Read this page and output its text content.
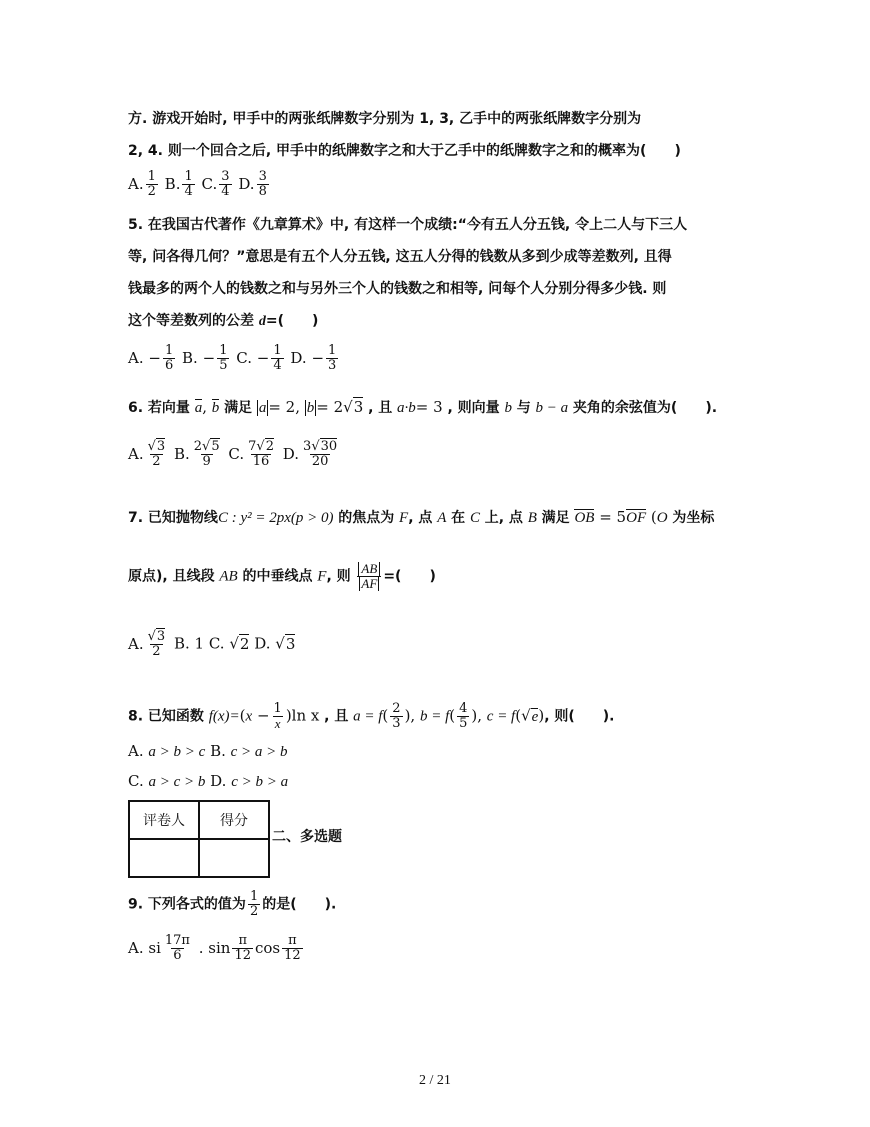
方. 游戏开始时, 甲手中的两张纸牌数字分别为 1, 3, 乙手中的两张纸牌数字分别为
2, 4. 则一个回合之后, 甲手中的纸牌数字之和大于乙手中的纸牌数字之和的概率为(　　)
A. $\frac{1}{2} B$. $\frac{1}{4} C$. $\frac{3}{4} D$. $\frac{3}{8}$
5. 在我国古代著作《九章算术》中, 有这样一个成绩:“今有五人分五钱, 令上二人与下三人
等, 问各得几何？”意思是有五个人分五钱, 这五人分得的钱数从多到少成等差数列, 且得
钱最多的两个人的钱数之和与另外三个人的钱数之和相等, 问每个人分别分得多少钱. 则
这个等差数列的公差 d=(　　)
A. − $\frac{1}{6} B$. − $\frac{1}{5} C$. − $\frac{1}{4} D$. − $\frac{1}{3}$
6. 若向量 a, b 满足 a = 2, b = 2√3 , 且 a·b= 3 , 则向量 b 与 b − a 夹角的余弦值为(　　).
A. $\frac{√3}{2} B$. $\frac{2√5}{9} C$. $\frac{7√2}{16} D$. $\frac{3√30}{20}$
7. 已知抛物线C : y² = 2px(p > 0) 的焦点为 F, 点 A 在 C 上, 点 B 满足 OB = 5OF (O 为坐标
原点), 且线段 AB 的中垂线点 F, 则 $\frac{AB}{AF}$ =(　　)
A. $\frac{√3}{2} B$. 1 C. √2 D. √3
8. 已知函数 $f(x)=(x - \frac{1}{x} )\ln$ x , 且 $a = f( \frac{2}{3}$ ), $b = f( \frac{4}{5}$ ), c = f(√e), 则(　　).
A. a > b > c B. c > a > b
C. a > c > b D. c > b > a
评卷人	得分

二、多选题
9. 下列各式的值为 $\frac{1}{2}$ 的是(　　).
A. si $\frac{17\pi}{6}$ . $\sin \frac{\pi}{12}$ $\cos \frac{\pi}{12}$
2 / 21
